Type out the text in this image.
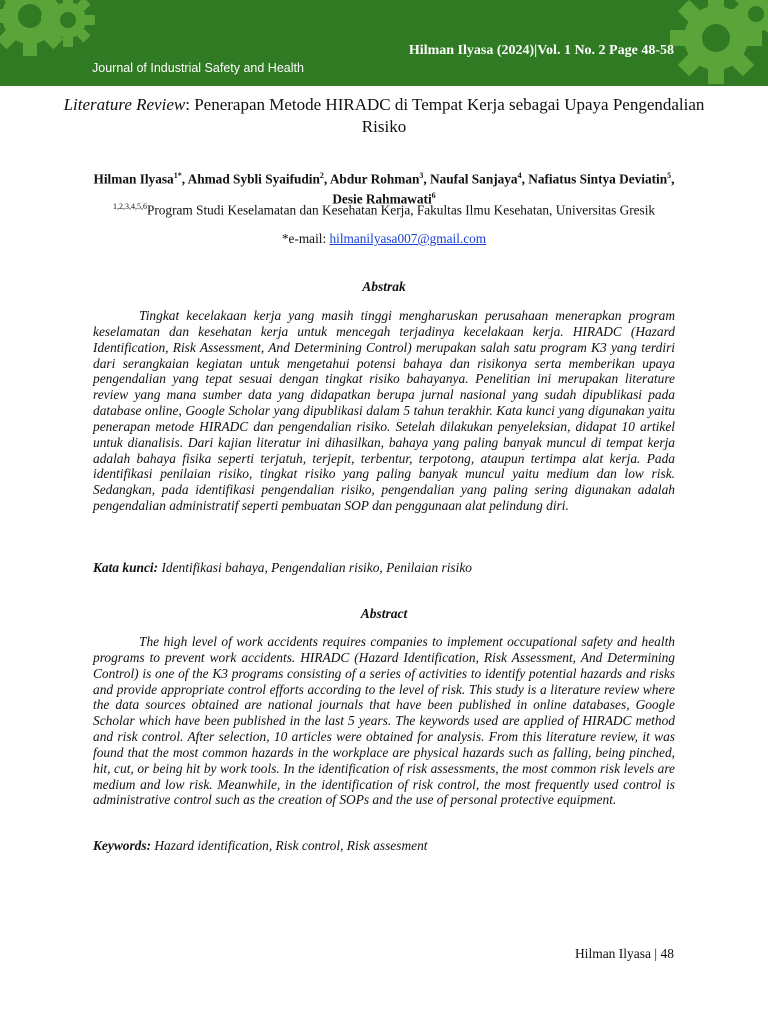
Hilman Ilyasa (2024)|Vol. 1 No. 2 Page 48-58
Journal of Industrial Safety and Health
Literature Review: Penerapan Metode HIRADC di Tempat Kerja sebagai Upaya Pengendalian Risiko
Hilman Ilyasa$^{1*}$, Ahmad Sybli Syaifudin$^2$, Abdur Rohman$^3$, Naufal Sanjaya$^4$, Nafiatus Sintya Deviatin$^5$, Desie Rahmawati$^6$
$^{1,2,3,4,5,6}$Program Studi Keselamatan dan Kesehatan Kerja, Fakultas Ilmu Kesehatan, Universitas Gresik
*e-mail: hilmanilyasa007@gmail.com
Abstrak

Tingkat kecelakaan kerja yang masih tinggi mengharuskan perusahaan menerapkan program keselamatan dan kesehatan kerja untuk mencegah terjadinya kecelakaan kerja. HIRADC (Hazard Identification, Risk Assessment, And Determining Control) merupakan salah satu program K3 yang terdiri dari serangkaian kegiatan untuk mengetahui potensi bahaya dan risikonya serta memberikan upaya pengendalian yang tepat sesuai dengan tingkat risiko bahayanya. Penelitian ini merupakan literature review yang mana sumber data yang didapatkan berupa jurnal nasional yang sudah dipublikasi pada database online, Google Scholar yang dipublikasi dalam 5 tahun terakhir. Kata kunci yang digunakan yaitu penerapan metode HIRADC dan pengendalian risiko. Setelah dilakukan penyeleksian, didapat 10 artikel untuk dianalisis. Dari kajian literatur ini dihasilkan, bahaya yang paling banyak muncul di tempat kerja adalah bahaya fisika seperti terjatuh, terjepit, terbentur, terpotong, ataupun tertimpa alat kerja. Pada identifikasi penilaian risiko, tingkat risiko yang paling banyak muncul yaitu medium dan low risk. Sedangkan, pada identifikasi pengendalian risiko, pengendalian yang paling sering digunakan adalah pengendalian administratif seperti pembuatan SOP dan penggunaan alat pelindung diri.

Kata kunci: Identifikasi bahaya, Pengendalian risiko, Penilaian risiko
Abstract

The high level of work accidents requires companies to implement occupational safety and health programs to prevent work accidents. HIRADC (Hazard Identification, Risk Assessment, And Determining Control) is one of the K3 programs consisting of a series of activities to identify potential hazards and risks and provide appropriate control efforts according to the level of risk. This study is a literature review where the data sources obtained are national journals that have been published in online databases, Google Scholar which have been published in the last 5 years. The keywords used are applied of HIRADC method and risk control. After selection, 10 articles were obtained for analysis. From this literature review, it was found that the most common hazards in the workplace are physical hazards such as falling, being pinched, hit, cut, or being hit by work tools. In the identification of risk assessments, the most common risk levels are medium and low risk. Meanwhile, in the identification of risk control, the most frequently used control is administrative control such as the creation of SOPs and the use of personal protective equipment.

Keywords: Hazard identification, Risk control, Risk assesment
Hilman Ilyasa | 48
